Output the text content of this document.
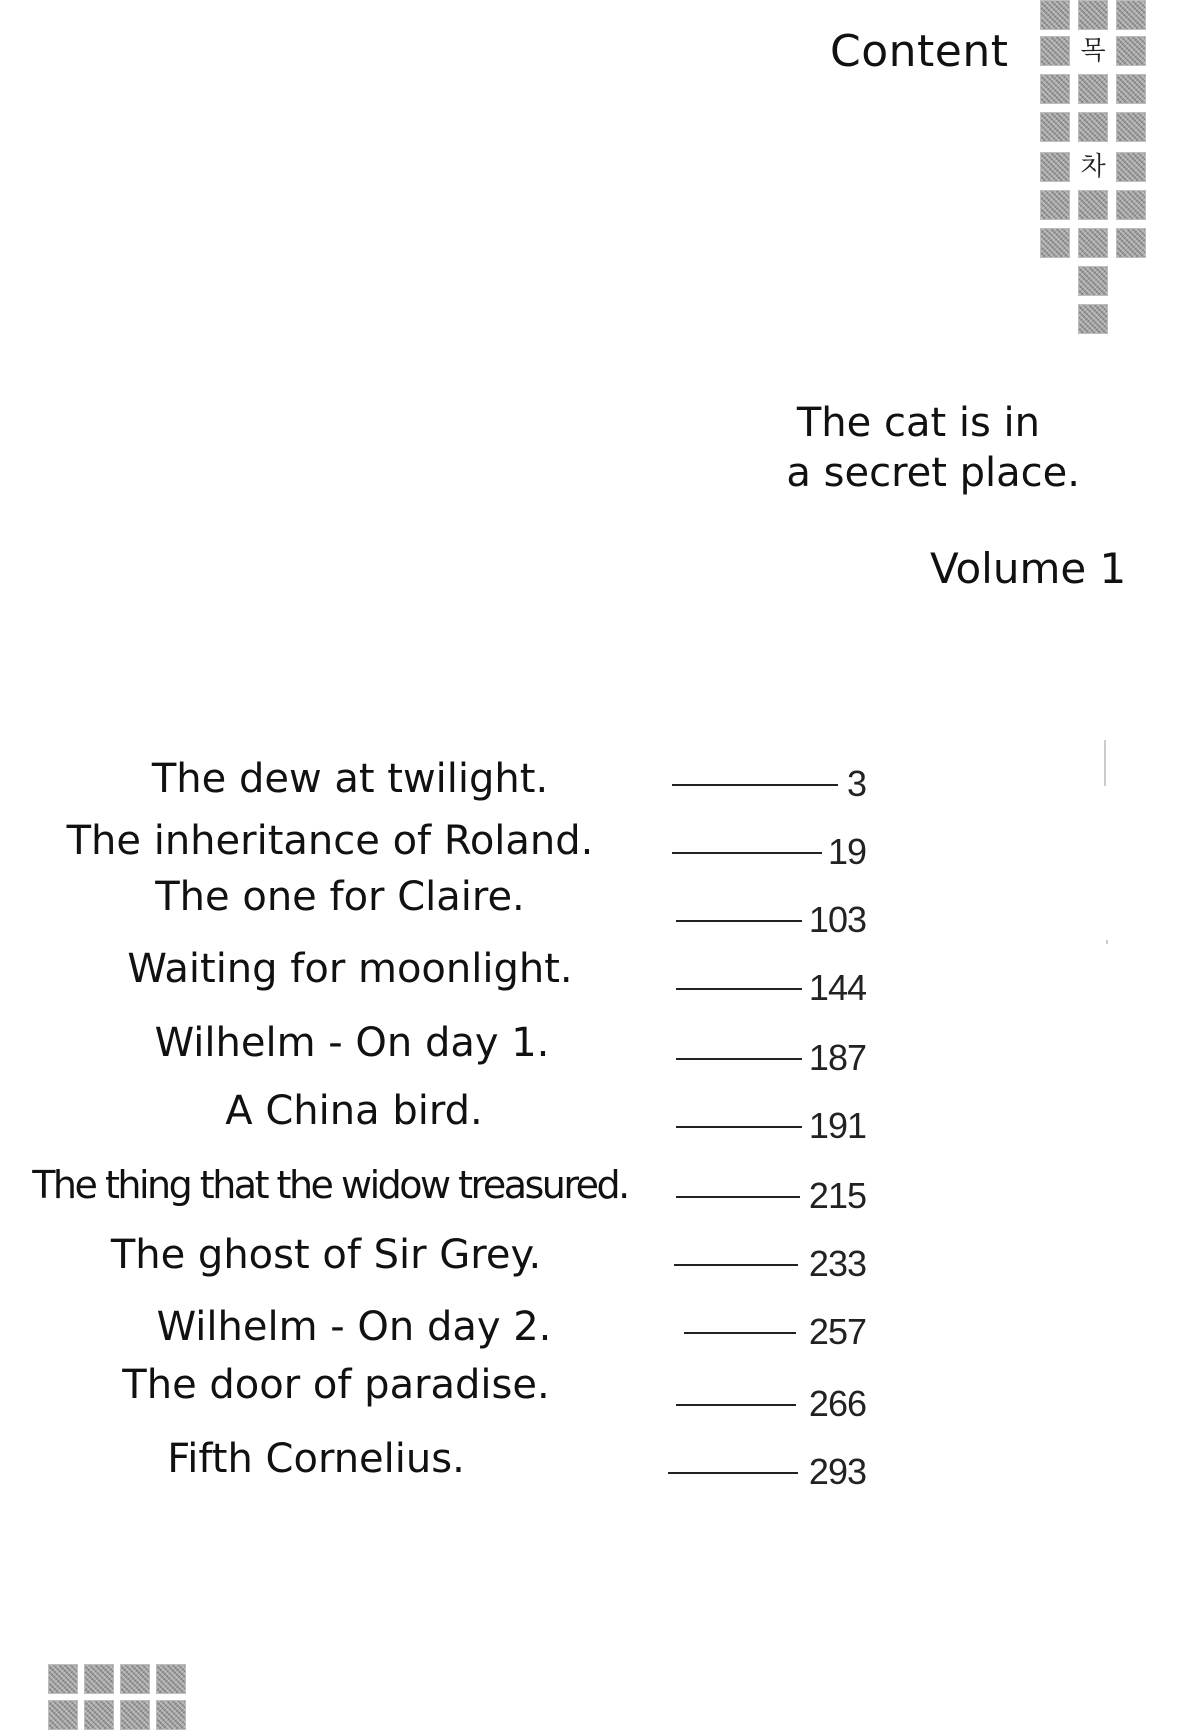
Content	목
차
The cat is in
a secret place.
Volume 1
The dew at twilight.	3
The inheritance of Roland.	19
The one for Claire.	103
Waiting for moonlight.	144
Wilhelm - On day 1.	187
A China bird.	191
The thing that the widow treasured.	215
The ghost of Sir Grey.	233
Wilhelm - On day 2.	257
The door of paradise.	266
Fifth Cornelius.	293
